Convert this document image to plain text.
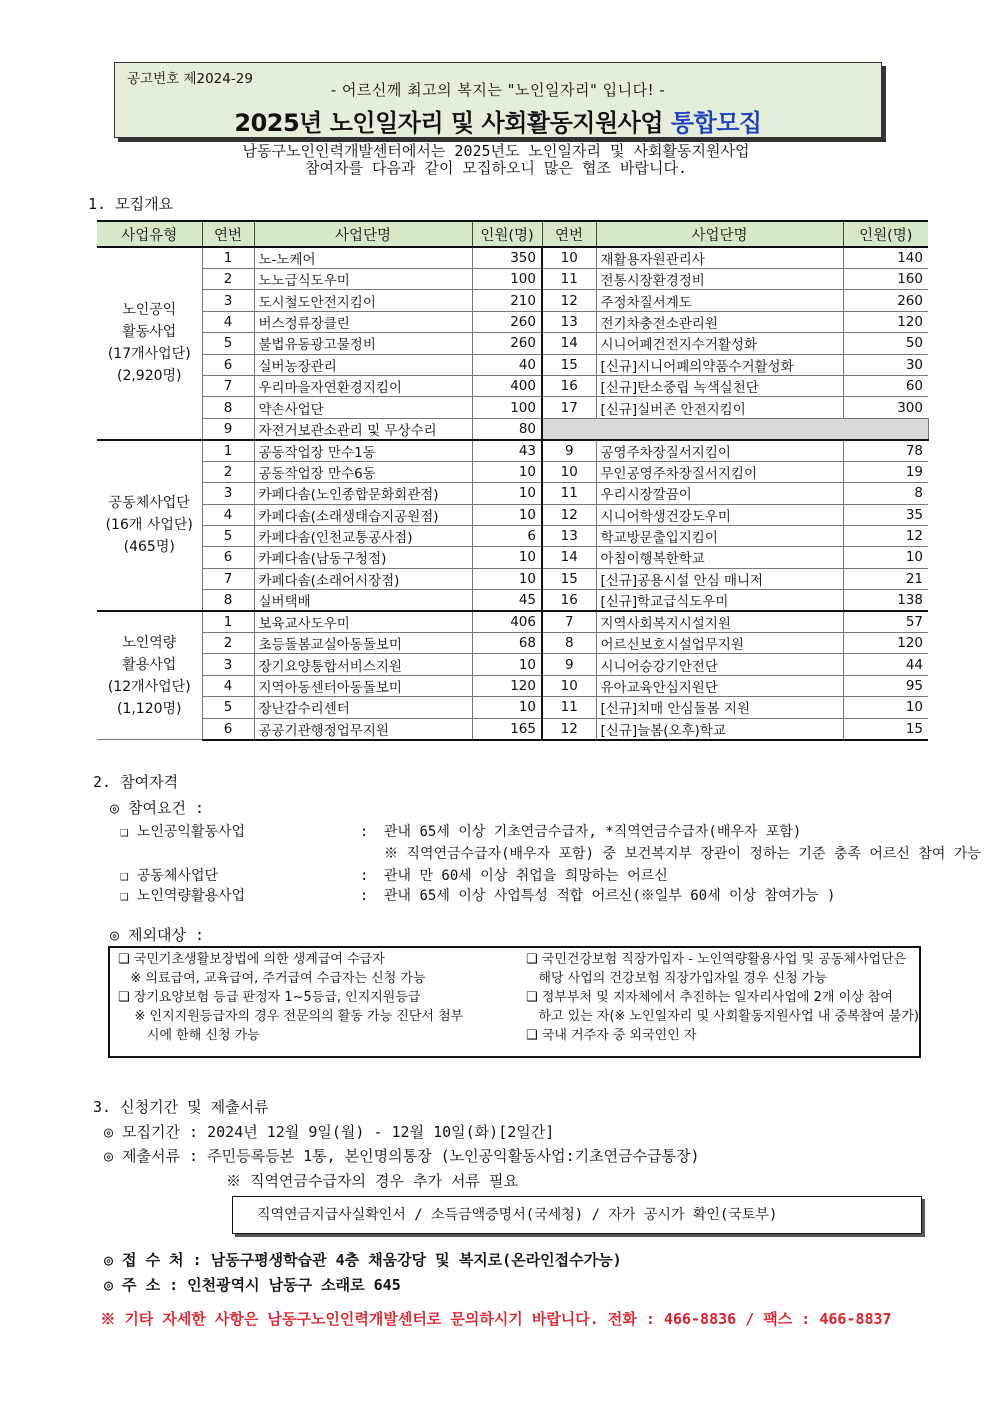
공고번호 제2024-29
- 어르신께 최고의 복지는 "노인일자리" 입니다! -
2025년 노인일자리 및 사회활동지원사업 통합모집
남동구노인인력개발센터에서는 2025년도 노인일자리 및 사회활동지원사업
참여자를 다음과 같이 모집하오니 많은 협조 바랍니다.
1. 모집개요
사업유형	연번	사업단명	인원(명)	연번	사업단명	인원(명)

노인공익
활동사업
(17개사업단)
(2,920명)	1	노-노케어	350	10	재활용자원관리사	140
	2	노노급식도우미	100	11	전통시장환경정비	160
	3	도시철도안전지킴이	210	12	주정차질서계도	260
	4	버스정류장클린	260	13	전기차충전소관리원	120
	5	불법유동광고물정비	260	14	시니어폐건전지수거활성화	50
	6	실버농장관리	40	15	[신규]시니어폐의약품수거활성화	30
	7	우리마을자연환경지킴이	400	16	[신규]탄소중립 녹색실천단	60
	8	약손사업단	100	17	[신규]실버존 안전지킴이	300
	9	자전거보관소관리 및 무상수리	80			

공동체사업단
(16개 사업단)
(465명)	1	공동작업장 만수1동	43	9	공영주차장질서지킴이	78
	2	공동작업장 만수6동	10	10	무인공영주차장질서지킴이	19
	3	카페다솜(노인종합문화회관점)	10	11	우리시장깔끔이	8
	4	카페다솜(소래생태습지공원점)	10	12	시니어학생건강도우미	35
	5	카페다솜(인천교통공사점)	6	13	학교방문출입지킴이	12
	6	카페다솜(남동구청점)	10	14	아침이행복한학교	10
	7	카페다솜(소래어시장점)	10	15	[신규]공용시설 안심 매니저	21
	8	실버택배	45	16	[신규]학교급식도우미	138

노인역량
활용사업
(12개사업단)
(1,120명)	1	보육교사도우미	406	7	지역사회복지시설지원	57
	2	초등돌봄교실아동돌보미	68	8	어르신보호시설업무지원	120
	3	장기요양통합서비스지원	10	9	시니어승강기안전단	44
	4	지역아동센터아동돌보미	120	10	유아교육안심지원단	95
	5	장난감수리센터	10	11	[신규]치매 안심돌봄 지원	10
	6	공공기관행정업무지원	165	12	[신규]늘봄(오후)학교	15
2. 참여자격
◎ 참여요건 :
❑ 노인공익활동사업	: 관내 65세 이상 기초연금수급자, *직역연금수급자(배우자 포함)
※ 직역연금수급자(배우자 포함) 중 보건복지부 장관이 정하는 기준 충족 어르신 참여 가능
❑ 공동체사업단	: 관내 만 60세 이상 취업을 희망하는 어르신
❑ 노인역량활용사업	: 관내 65세 이상 사업특성 적합 어르신(※일부 60세 이상 참여가능 )
◎ 제외대상 :
❑ 국민기초생활보장법에 의한 생계급여 수급자
※ 의료급여, 교육급여, 주거급여 수급자는 신청 가능
❑ 장기요양보험 등급 판정자 1~5등급, 인지지원등급
※ 인지지원등급자의 경우 전문의의 활동 가능 진단서 첨부
시에 한해 신청 가능
❑ 국민건강보험 직장가입자 - 노인역량활용사업 및 공동체사업단은
해당 사업의 건강보험 직장가입자일 경우 신청 가능
❑ 정부부처 및 지자체에서 추진하는 일자리사업에 2개 이상 참여
하고 있는 자(※ 노인일자리 및 사회활동지원사업 내 중복참여 불가)
❑ 국내 거주자 중 외국인인 자
3. 신청기간 및 제출서류
◎ 모집기간 : 2024년 12월 9일(월) - 12월 10일(화)[2일간]
◎ 제출서류 : 주민등록등본 1통, 본인명의통장 (노인공익활동사업:기초연금수급통장)
※ 직역연금수급자의 경우 추가 서류 필요
직역연금지급사실확인서 / 소득금액증명서(국세청) / 자가 공시가 확인(국토부)
◎ 접 수 처 : 남동구평생학습관 4층 채움강당 및 복지로(온라인접수가능)
◎ 주 소 : 인천광역시 남동구 소래로 645
※ 기타 자세한 사항은 남동구노인인력개발센터로 문의하시기 바랍니다. 전화 : 466-8836 / 팩스 : 466-8837
